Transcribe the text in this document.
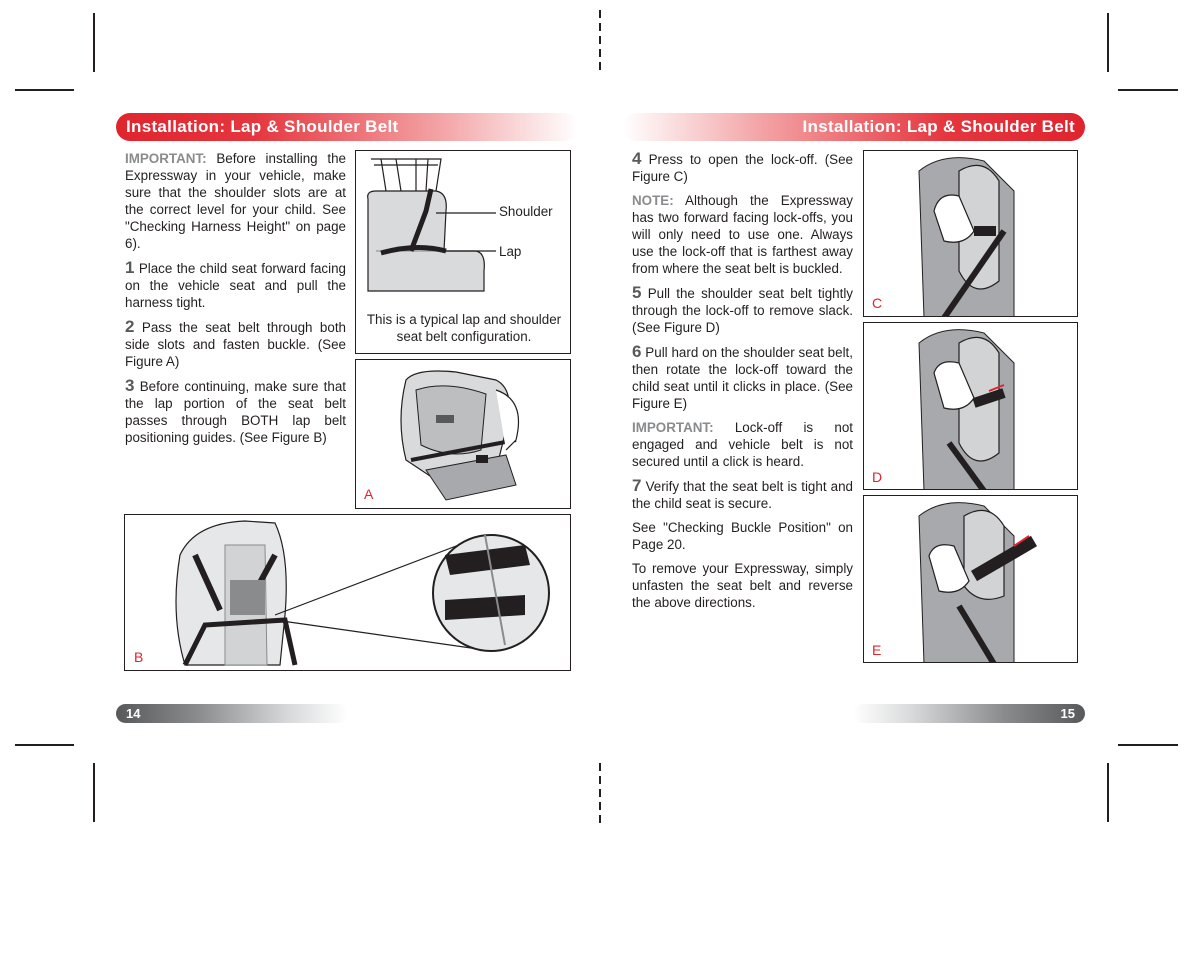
Installation: Lap & Shoulder Belt	Installation: Lap & Shoulder Belt

IMPORTANT: Before installing the Expressway in your vehicle, make sure that the shoulder slots are at the correct level for your child. See "Checking Harness Height" on page 6).

1 Place the child seat forward facing on the vehicle seat and pull the harness tight.

2 Pass the seat belt through both side slots and fasten buckle. (See Figure A)

3 Before continuing, make sure that the lap portion of the seat belt passes through BOTH lap belt positioning guides. (See Figure B)

Shoulder
Lap
This is a typical lap and shoulder seat belt configuration.
A
B

4 Press to open the lock-off. (See Figure C)

NOTE: Although the Expressway has two forward facing lock-offs, you will only need to use one. Always use the lock-off that is farthest away from where the seat belt is buckled.

5 Pull the shoulder seat belt tightly through the lock-off to remove slack. (See Figure D)

6 Pull hard on the shoulder seat belt, then rotate the lock-off toward the child seat until it clicks in place. (See Figure E)

IMPORTANT: Lock-off is not engaged and vehicle belt is not secured until a click is heard.

7 Verify that the seat belt is tight and the child seat is secure.

See "Checking Buckle Position" on Page 20.

To remove your Expressway, simply unfasten the seat belt and reverse the above directions.

C
D
E
14	15
